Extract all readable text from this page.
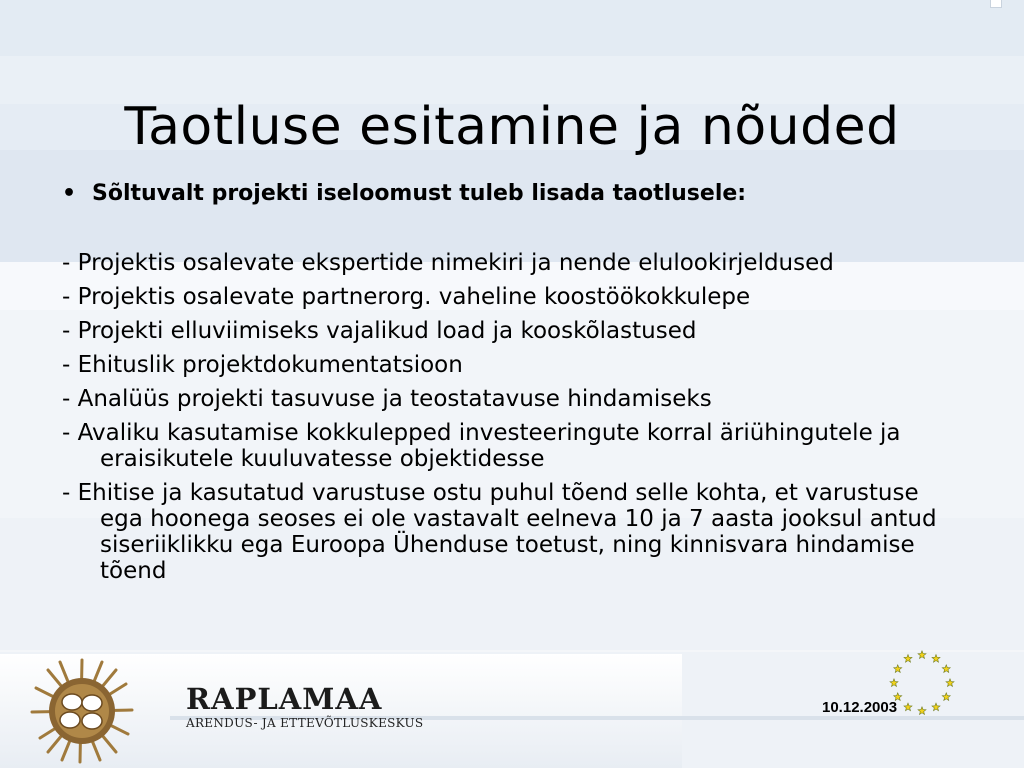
Taotluse esitamine ja nõuded
• Sõltuvalt projekti iseloomust tuleb lisada taotlusele:
- Projektis osalevate ekspertide nimekiri ja nende elulookirjeldused
- Projektis osalevate partnerorg. vaheline koostöökokkulepe
- Projekti elluviimiseks vajalikud load ja kooskõlastused
- Ehituslik projektdokumentatsioon
- Analüüs projekti tasuvuse ja teostatavuse hindamiseks
- Avaliku kasutamise kokkulepped investeeringute korral äriühingutele ja eraisikutele kuuluvatesse objektidesse
- Ehitise ja kasutatud varustuse ostu puhul tõend selle kohta, et varustuse ega hoonega seoses ei ole vastavalt eelneva 10 ja 7 aasta jooksul antud siseriiklikku ega Euroopa Ühenduse toetust, ning kinnisvara hindamise tõend
RAPLAMAA
ARENDUS- JA ETTEVÕTLUSKESKUS
10.12.2003
